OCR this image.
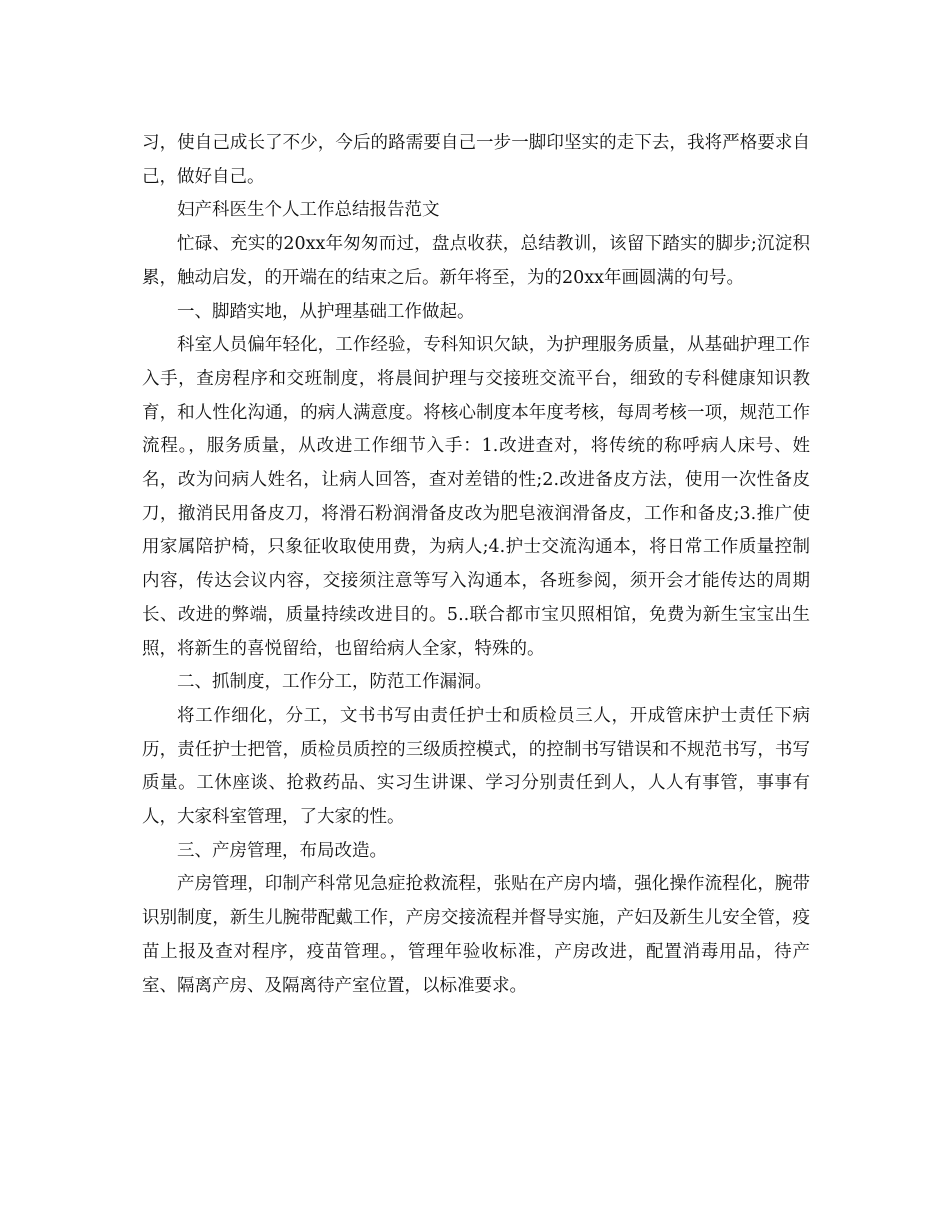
习，使自己成长了不少，今后的路需要自己一步一脚印坚实的走下去，我将严格要求自己，做好自己。

妇产科医生个人工作总结报告范文

忙碌、充实的20xx年匆匆而过，盘点收获，总结教训，该留下踏实的脚步;沉淀积累，触动启发，的开端在的结束之后。新年将至，为的20xx年画圆满的句号。

一、脚踏实地，从护理基础工作做起。

科室人员偏年轻化，工作经验，专科知识欠缺，为护理服务质量，从基础护理工作入手，查房程序和交班制度，将晨间护理与交接班交流平台，细致的专科健康知识教育，和人性化沟通，的病人满意度。将核心制度本年度考核，每周考核一项，规范工作流程。，服务质量，从改进工作细节入手：1.改进查对，将传统的称呼病人床号、姓名，改为问病人姓名，让病人回答，查对差错的性;2.改进备皮方法，使用一次性备皮刀，撤消民用备皮刀，将滑石粉润滑备皮改为肥皂液润滑备皮，工作和备皮;3.推广使用家属陪护椅，只象征收取使用费，为病人;4.护士交流沟通本，将日常工作质量控制内容，传达会议内容，交接须注意等写入沟通本，各班参阅，须开会才能传达的周期长、改进的弊端，质量持续改进目的。5..联合都市宝贝照相馆，免费为新生宝宝出生照，将新生的喜悦留给，也留给病人全家，特殊的。

二、抓制度，工作分工，防范工作漏洞。

将工作细化，分工，文书书写由责任护士和质检员三人，开成管床护士责任下病历，责任护士把管，质检员质控的三级质控模式，的控制书写错误和不规范书写，书写质量。工休座谈、抢救药品、实习生讲课、学习分别责任到人，人人有事管，事事有人，大家科室管理，了大家的性。

三、产房管理，布局改造。

产房管理，印制产科常见急症抢救流程，张贴在产房内墙，强化操作流程化，腕带识别制度，新生儿腕带配戴工作，产房交接流程并督导实施，产妇及新生儿安全管，疫苗上报及查对程序，疫苗管理。，管理年验收标准，产房改进，配置消毒用品，待产室、隔离产房、及隔离待产室位置，以标准要求。
